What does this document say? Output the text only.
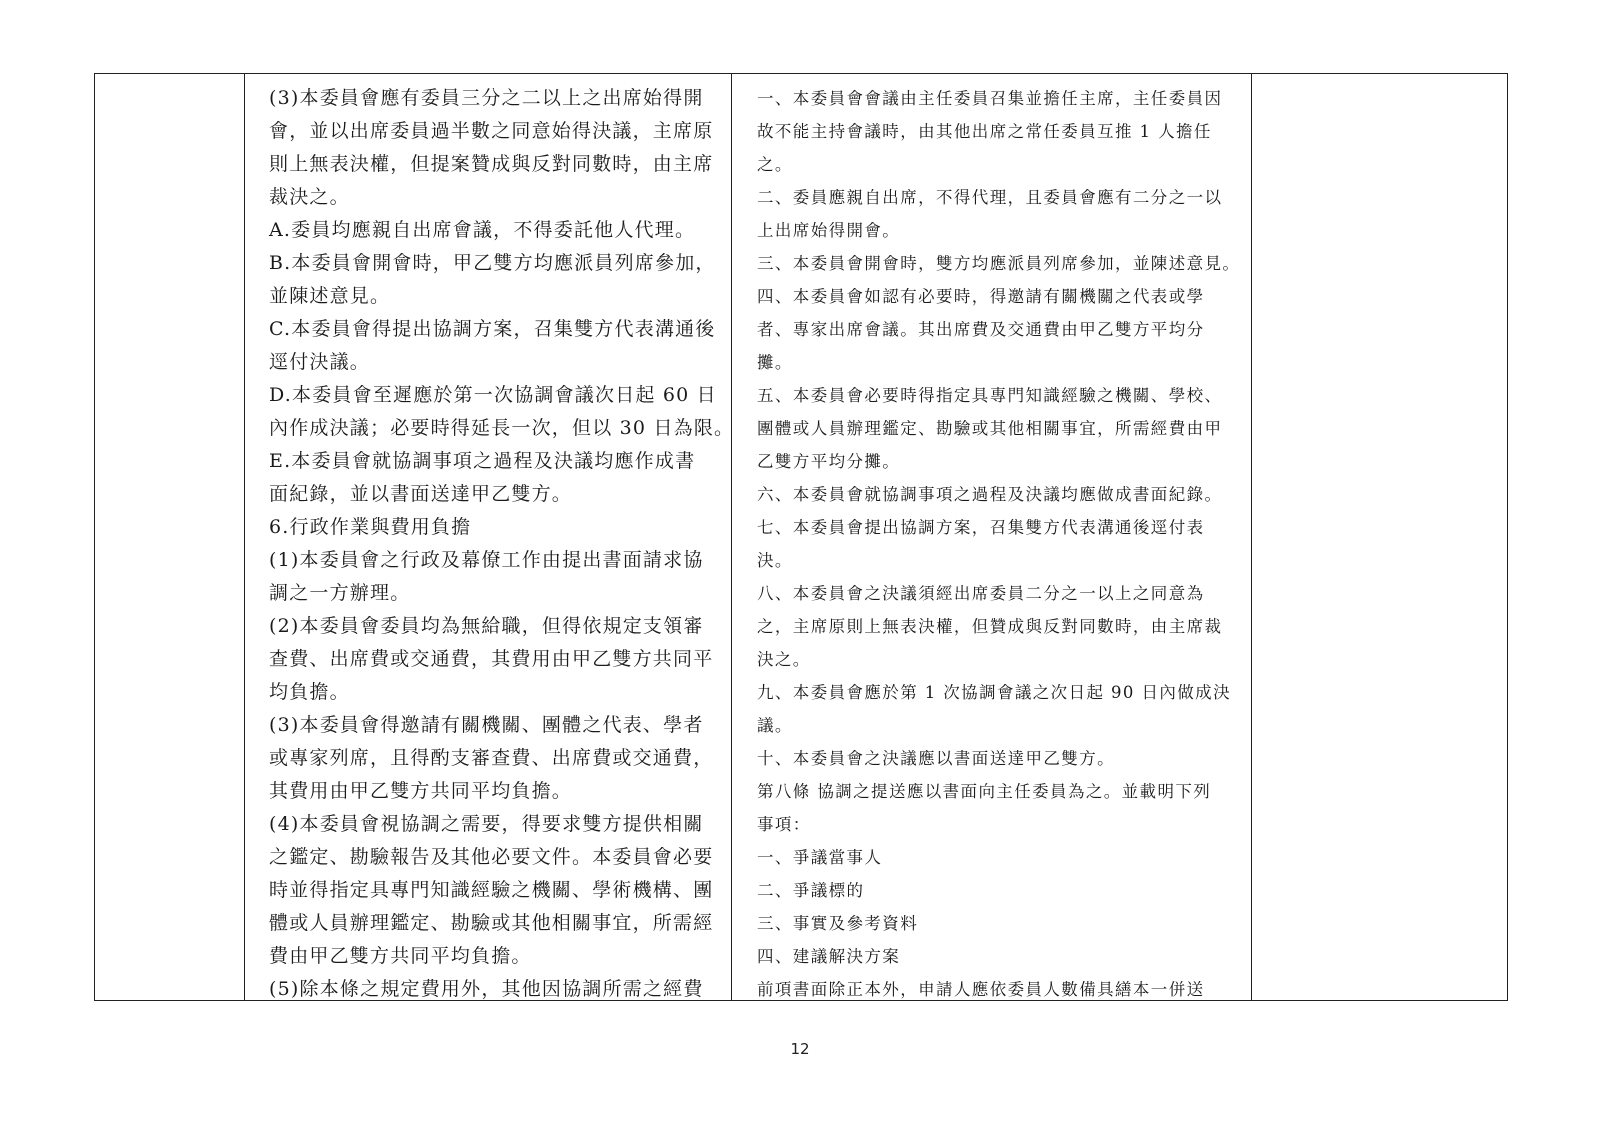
(3)本委員會應有委員三分之二以上之出席始得開
會，並以出席委員過半數之同意始得決議，主席原
則上無表決權，但提案贊成與反對同數時，由主席
裁決之。
A.委員均應親自出席會議，不得委託他人代理。
B.本委員會開會時，甲乙雙方均應派員列席參加，
並陳述意見。
C.本委員會得提出協調方案，召集雙方代表溝通後
逕付決議。
D.本委員會至遲應於第一次協調會議次日起 60 日
內作成決議；必要時得延長一次，但以 30 日為限。
E.本委員會就協調事項之過程及決議均應作成書
面紀錄，並以書面送達甲乙雙方。
6.行政作業與費用負擔
(1)本委員會之行政及幕僚工作由提出書面請求協
調之一方辦理。
(2)本委員會委員均為無給職，但得依規定支領審
查費、出席費或交通費，其費用由甲乙雙方共同平
均負擔。
(3)本委員會得邀請有關機關、團體之代表、學者
或專家列席，且得酌支審查費、出席費或交通費，
其費用由甲乙雙方共同平均負擔。
(4)本委員會視協調之需要，得要求雙方提供相關
之鑑定、勘驗報告及其他必要文件。本委員會必要
時並得指定具專門知識經驗之機關、學術機構、團
體或人員辦理鑑定、勘驗或其他相關事宜，所需經
費由甲乙雙方共同平均負擔。
(5)除本條之規定費用外，其他因協調所需之經費
一、本委員會會議由主任委員召集並擔任主席，主任委員因
故不能主持會議時，由其他出席之常任委員互推 1 人擔任
之。
二、委員應親自出席，不得代理，且委員會應有二分之一以
上出席始得開會。
三、本委員會開會時，雙方均應派員列席參加，並陳述意見。
四、本委員會如認有必要時，得邀請有關機關之代表或學
者、專家出席會議。其出席費及交通費由甲乙雙方平均分
攤。
五、本委員會必要時得指定具專門知識經驗之機關、學校、
團體或人員辦理鑑定、勘驗或其他相關事宜，所需經費由甲
乙雙方平均分攤。
六、本委員會就協調事項之過程及決議均應做成書面紀錄。
七、本委員會提出協調方案，召集雙方代表溝通後逕付表
決。
八、本委員會之決議須經出席委員二分之一以上之同意為
之，主席原則上無表決權，但贊成與反對同數時，由主席裁
決之。
九、本委員會應於第 1 次協調會議之次日起 90 日內做成決
議。
十、本委員會之決議應以書面送達甲乙雙方。
第八條 協調之提送應以書面向主任委員為之。並載明下列
事項：
一、爭議當事人
二、爭議標的
三、事實及參考資料
四、建議解決方案
前項書面除正本外，申請人應依委員人數備具繕本一併送
12
